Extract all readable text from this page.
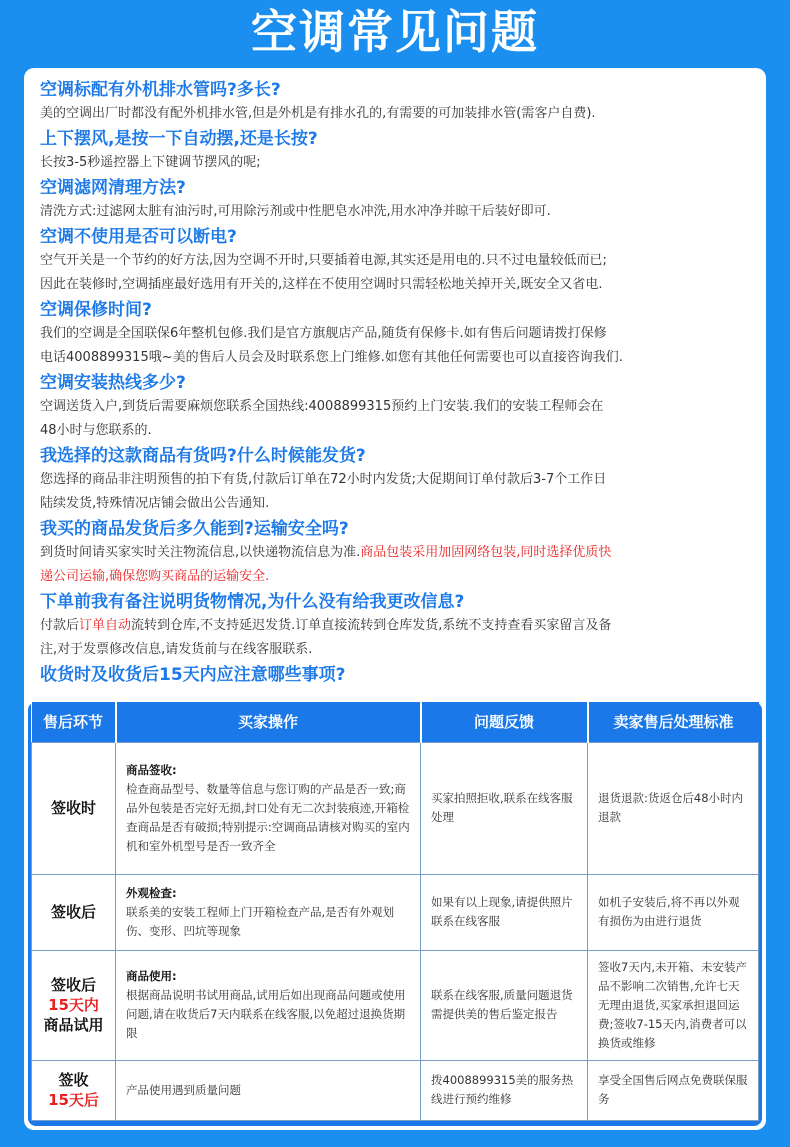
空调常见问题
空调标配有外机排水管吗?多长?
美的空调出厂时都没有配外机排水管,但是外机是有排水孔的,有需要的可加装排水管(需客户自费).
上下摆风,是按一下自动摆,还是长按?
长按3-5秒遥控器上下键调节摆风的呢;
空调滤网清理方法?
清洗方式:过滤网太脏有油污时,可用除污剂或中性肥皂水冲洗,用水冲净并晾干后装好即可.
空调不使用是否可以断电?
空气开关是一个节约的好方法,因为空调不开时,只要插着电源,其实还是用电的.只不过电量较低而已;
因此在装修时,空调插座最好选用有开关的,这样在不使用空调时只需轻松地关掉开关,既安全又省电.
空调保修时间?
我们的空调是全国联保6年整机包修.我们是官方旗舰店产品,随货有保修卡.如有售后问题请拨打保修
电话4008899315哦~美的售后人员会及时联系您上门维修.如您有其他任何需要也可以直接咨询我们.
空调安装热线多少?
空调送货入户,到货后需要麻烦您联系全国热线:4008899315预约上门安装.我们的安装工程师会在
48小时与您联系的.
我选择的这款商品有货吗?什么时候能发货?
您选择的商品非注明预售的拍下有货,付款后订单在72小时内发货;大促期间订单付款后3-7个工作日
陆续发货,特殊情况店铺会做出公告通知.
我买的商品发货后多久能到?运输安全吗?
到货时间请买家实时关注物流信息,以快递物流信息为准.商品包装采用加固网络包装,同时选择优质快
递公司运输,确保您购买商品的运输安全.
下单前我有备注说明货物情况,为什么没有给我更改信息?
付款后订单自动流转到仓库,不支持延迟发货.订单直接流转到仓库发货,系统不支持查看买家留言及备
注,对于发票修改信息,请发货前与在线客服联系.
收货时及收货后15天内应注意哪些事项?
售后环节	买家操作	问题反馈	卖家售后处理标准

签收时	商品签收:
检查商品型号、数量等信息与您订购的产品是否一致;商品外包装是否完好无损,封口处有无二次封装痕迹,开箱检查商品是否有破损;特别提示:空调商品请核对购买的室内机和室外机型号是否一致齐全	买家拍照拒收,联系在线客服处理	退货退款:货返仓后48小时内退款

签收后	外观检查:
联系美的安装工程师上门开箱检查产品,是否有外观划伤、变形、凹坑等现象	如果有以上现象,请提供照片联系在线客服	如机子安装后,将不再以外观有损伤为由进行退货

签收后
15天内
商品试用	商品使用:
根据商品说明书试用商品,试用后如出现商品问题或使用问题,请在收货后7天内联系在线客服,以免超过退换货期限	联系在线客服,质量问题退货需提供美的售后鉴定报告	签收7天内,未开箱、未安装产品不影响二次销售,允许七天无理由退货,买家承担退回运费;签收7-15天内,消费者可以换货或维修

签收
15天后	产品使用遇到质量问题	拨4008899315美的服务热线进行预约维修	享受全国售后网点免费联保服务
